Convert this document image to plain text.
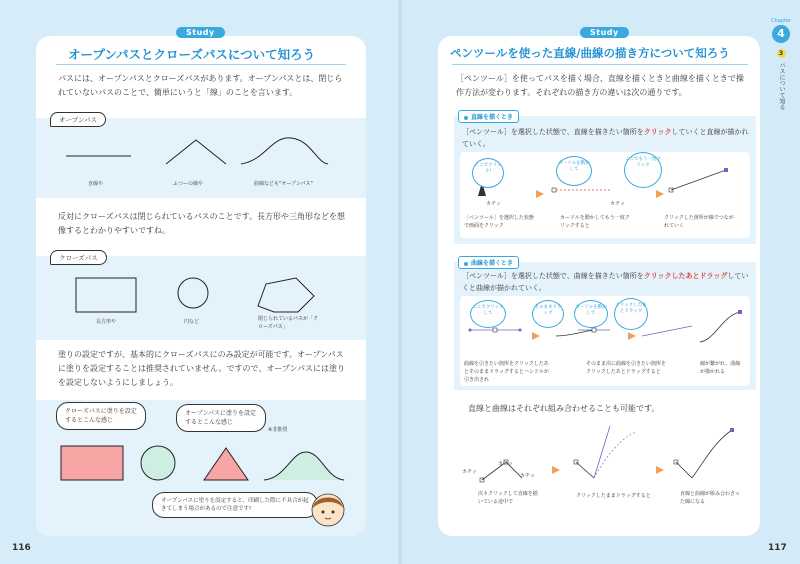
Study
オープンパスとクローズパスについて知ろう
パスには、オープンパスとクローズパスがあります。オープンパスとは、閉じられていないパスのことで、簡単にいうと「線」のことを言います。
オープンパス
直線や	ふつーの線や	曲線なども"オープンパス"
反対にクローズパスは閉じられているパスのことです。長方形や三角形などを想像するとわかりやすいですね。
クローズパス
長方形や	円など	閉じられているパスが「クローズパス」
塗りの設定ですが、基本的にクローズパスにのみ設定が可能です。オープンパスに塗りを設定することは推奨されていません。ですので、オープンパスには塗りを設定しないようにしましょう。
クローズパスに塗りを設定するとこんな感じ
オープンパスに塗りを設定するとこんな感じ
※非推奨
オープンパスに塗りを設定すると、印刷した際に不具合が起きてしまう場合があるので注意です!
116
Study
ペンツールを使った直線/曲線の描き方について知ろう
［ペンツール］を使ってパスを描く場合、直線を描くときと曲線を描くときで操作方法が変わります。それぞれの描き方の違いは次の通りです。
直線を描くとき
［ペンツール］を選択した状態で、直線を描きたい箇所をクリックしていくと直線が描かれていく。
ここでクリック!
カーソルを動かして
ここでもう一度クリック
カチッ	カチッ
［ペンツール］を選択した状態で画面をクリック
カーソルを動かしてもう一度クリックすると
クリックした箇所が線でつながれていく
曲線を描くとき
［ペンツール］を選択した状態で、曲線を描きたい箇所をクリックしたあとドラッグしていくと曲線が描かれていく。
ここでクリックして
そのままドラッグ
カーソルを動かして
クリックしたあとドラッグ
曲線を引きたい箇所をクリックしたあとそのままドラッグするとハンドルが引き出され
そのまま次に曲線を引きたい箇所をクリックしたあとドラッグすると
線が繋がれ、曲線が描かれる
直線と曲線はそれぞれ組み合わせることも可能です。
カチッ
カチッ
カチッ
次々クリックして直線を描いている途中で
クリックしたままドラッグすると	直線と曲線が組み合わさった線になる
117
Chapter
4
3
パスについて知る
